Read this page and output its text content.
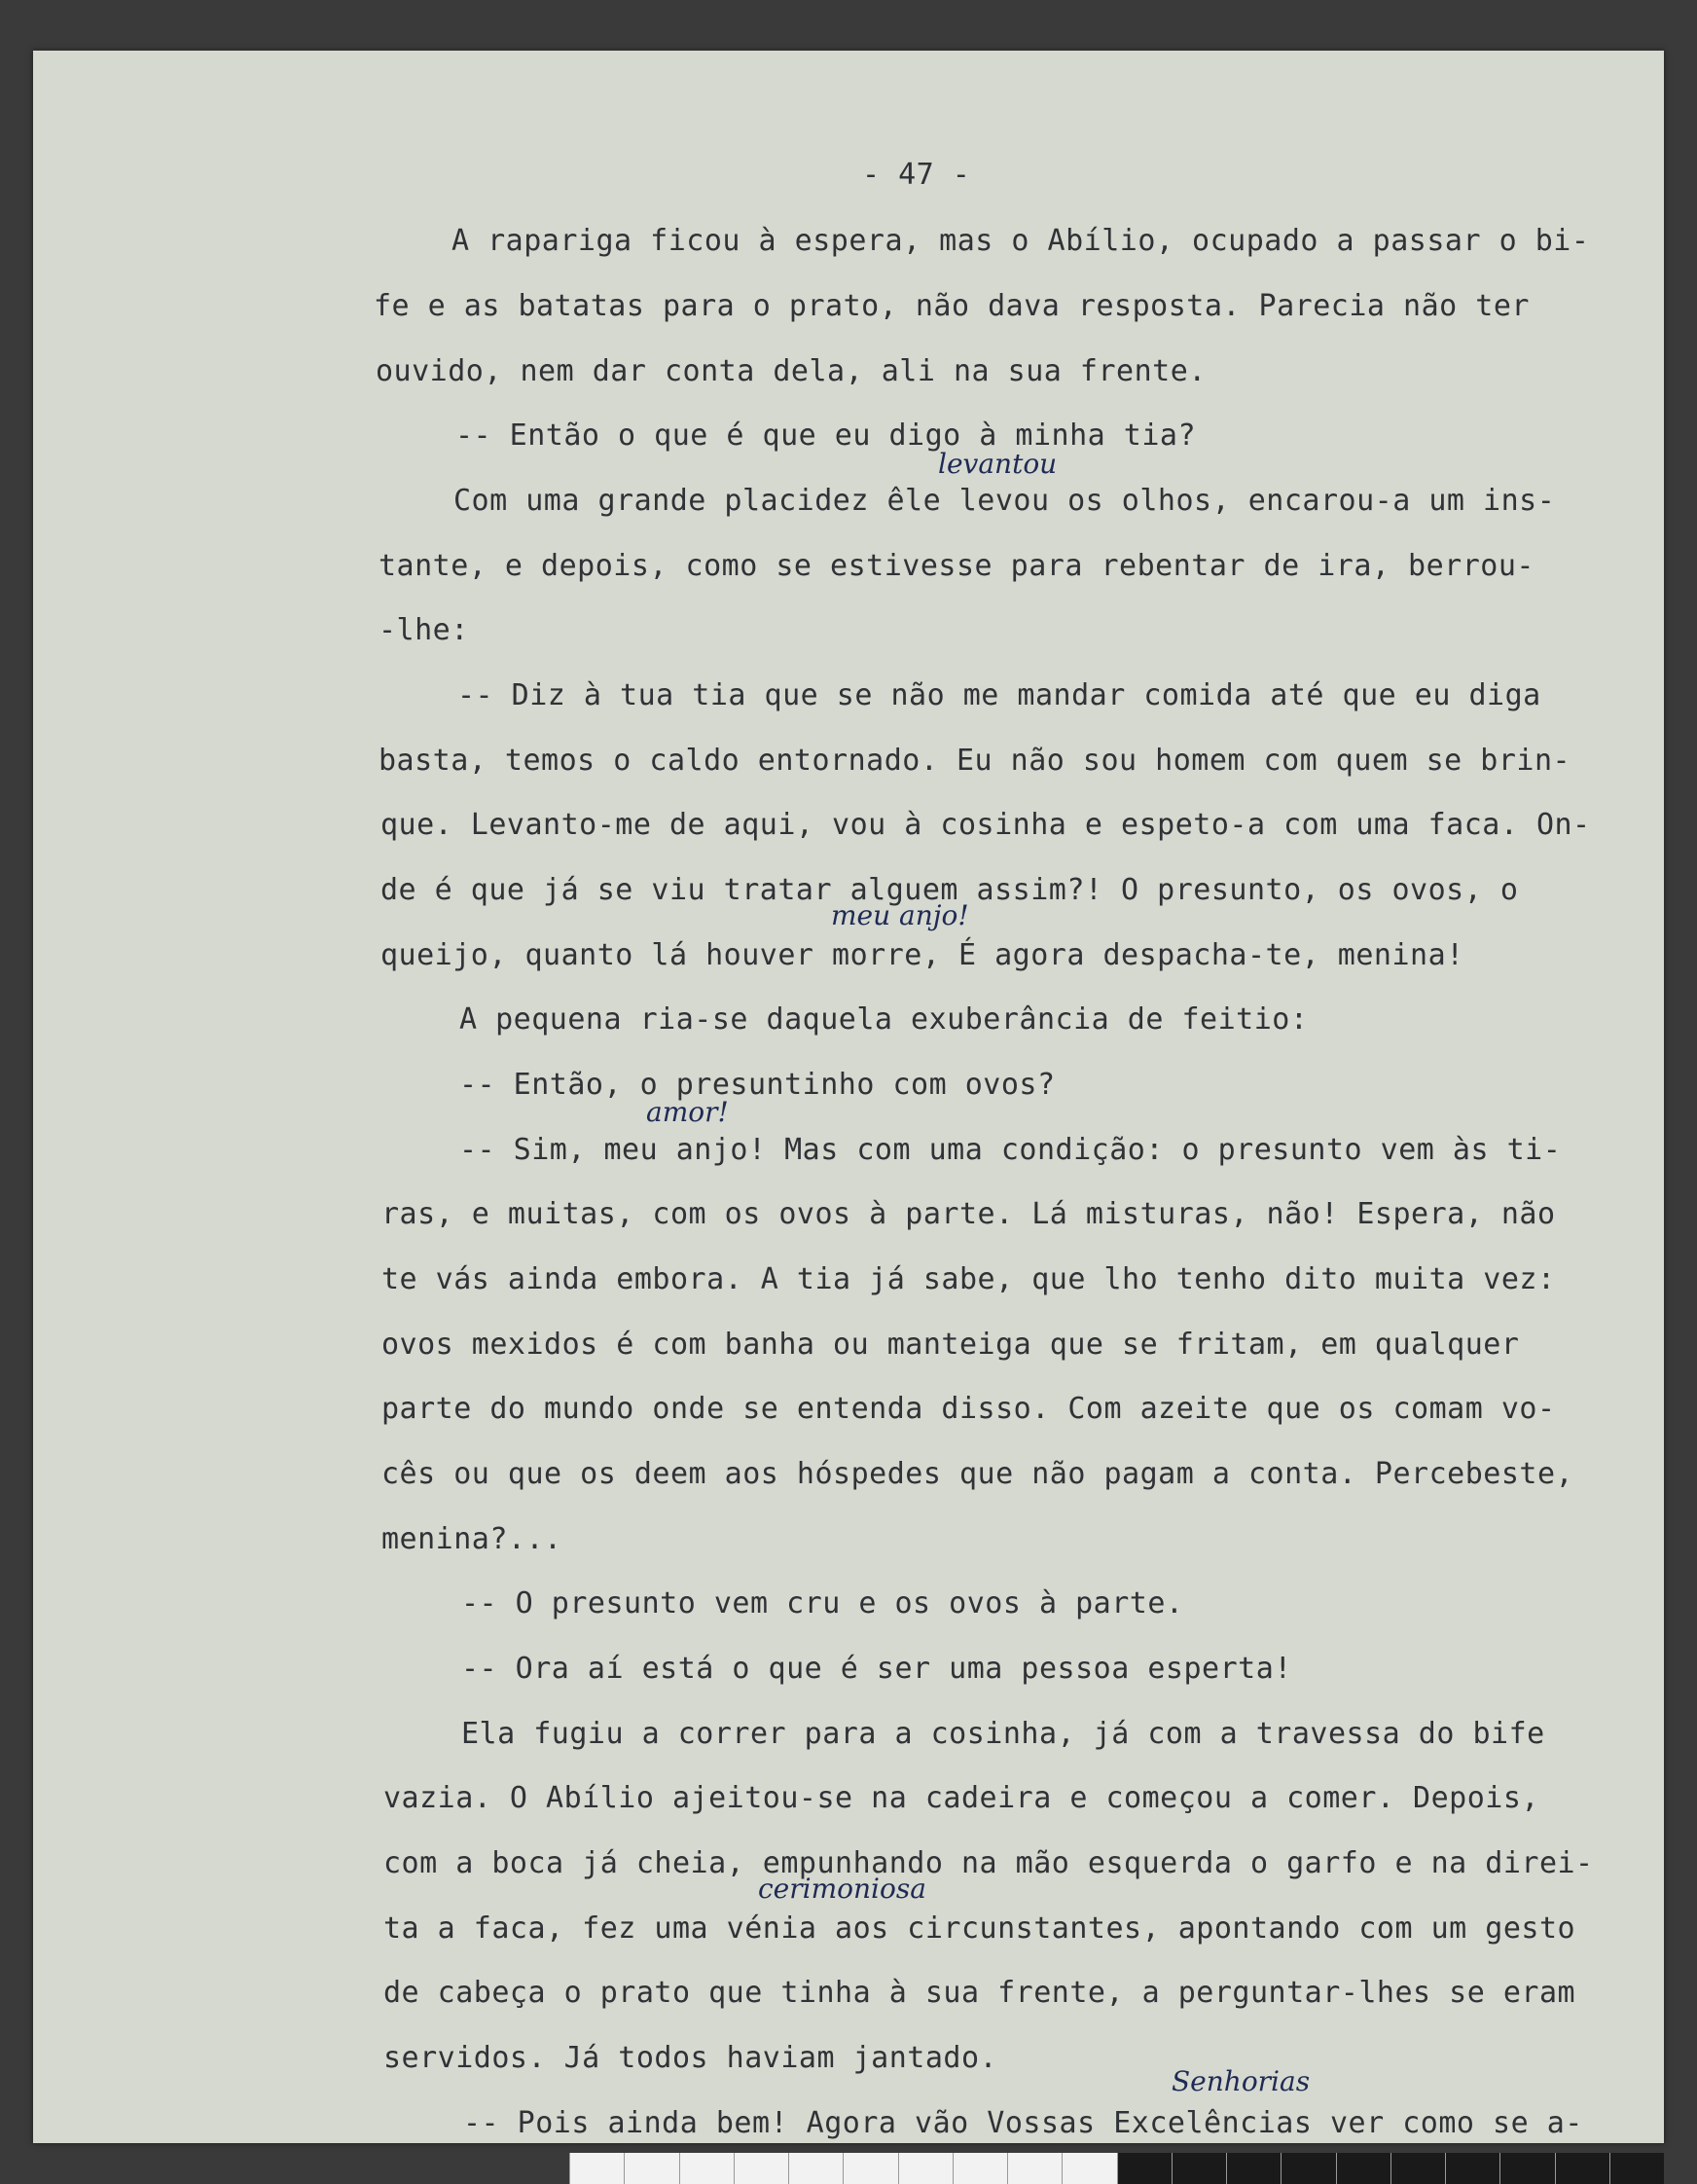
- 47 -
A rapariga ficou à espera, mas o Abílio, ocupado a passar o bi-
fe e as batatas para o prato, não dava resposta. Parecia não ter
ouvido, nem dar conta dela, ali na sua frente.
-- Então o que é que eu digo à minha tia?
Com uma grande placidez êle levou os olhos, encarou-a um ins-
tante, e depois, como se estivesse para rebentar de ira, berrou-
-lhe:
-- Diz à tua tia que se não me mandar comida até que eu diga
basta, temos o caldo entornado. Eu não sou homem com quem se brin-
que. Levanto-me de aqui, vou à cosinha e espeto-a com uma faca. On-
de é que já se viu tratar alguem assim?! O presunto, os ovos, o
queijo, quanto lá houver morre, É agora despacha-te, menina!
A pequena ria-se daquela exuberância de feitio:
-- Então, o presuntinho com ovos?
-- Sim, meu anjo! Mas com uma condição: o presunto vem às ti-
ras, e muitas, com os ovos à parte. Lá misturas, não! Espera, não
te vás ainda embora. A tia já sabe, que lho tenho dito muita vez:
ovos mexidos é com banha ou manteiga que se fritam, em qualquer
parte do mundo onde se entenda disso. Com azeite que os comam vo-
cês ou que os deem aos hóspedes que não pagam a conta. Percebeste,
menina?...
-- O presunto vem cru e os ovos à parte.
-- Ora aí está o que é ser uma pessoa esperta!
Ela fugiu a correr para a cosinha, já com a travessa do bife
vazia. O Abílio ajeitou-se na cadeira e começou a comer. Depois,
com a boca já cheia, empunhando na mão esquerda o garfo e na direi-
ta a faca, fez uma vénia aos circunstantes, apontando com um gesto
de cabeça o prato que tinha à sua frente, a perguntar-lhes se eram
servidos. Já todos haviam jantado.
-- Pois ainda bem! Agora vão Vossas Excelências ver como se a-
levantou
meu anjo!
amor!
cerimoniosa
Senhorias
